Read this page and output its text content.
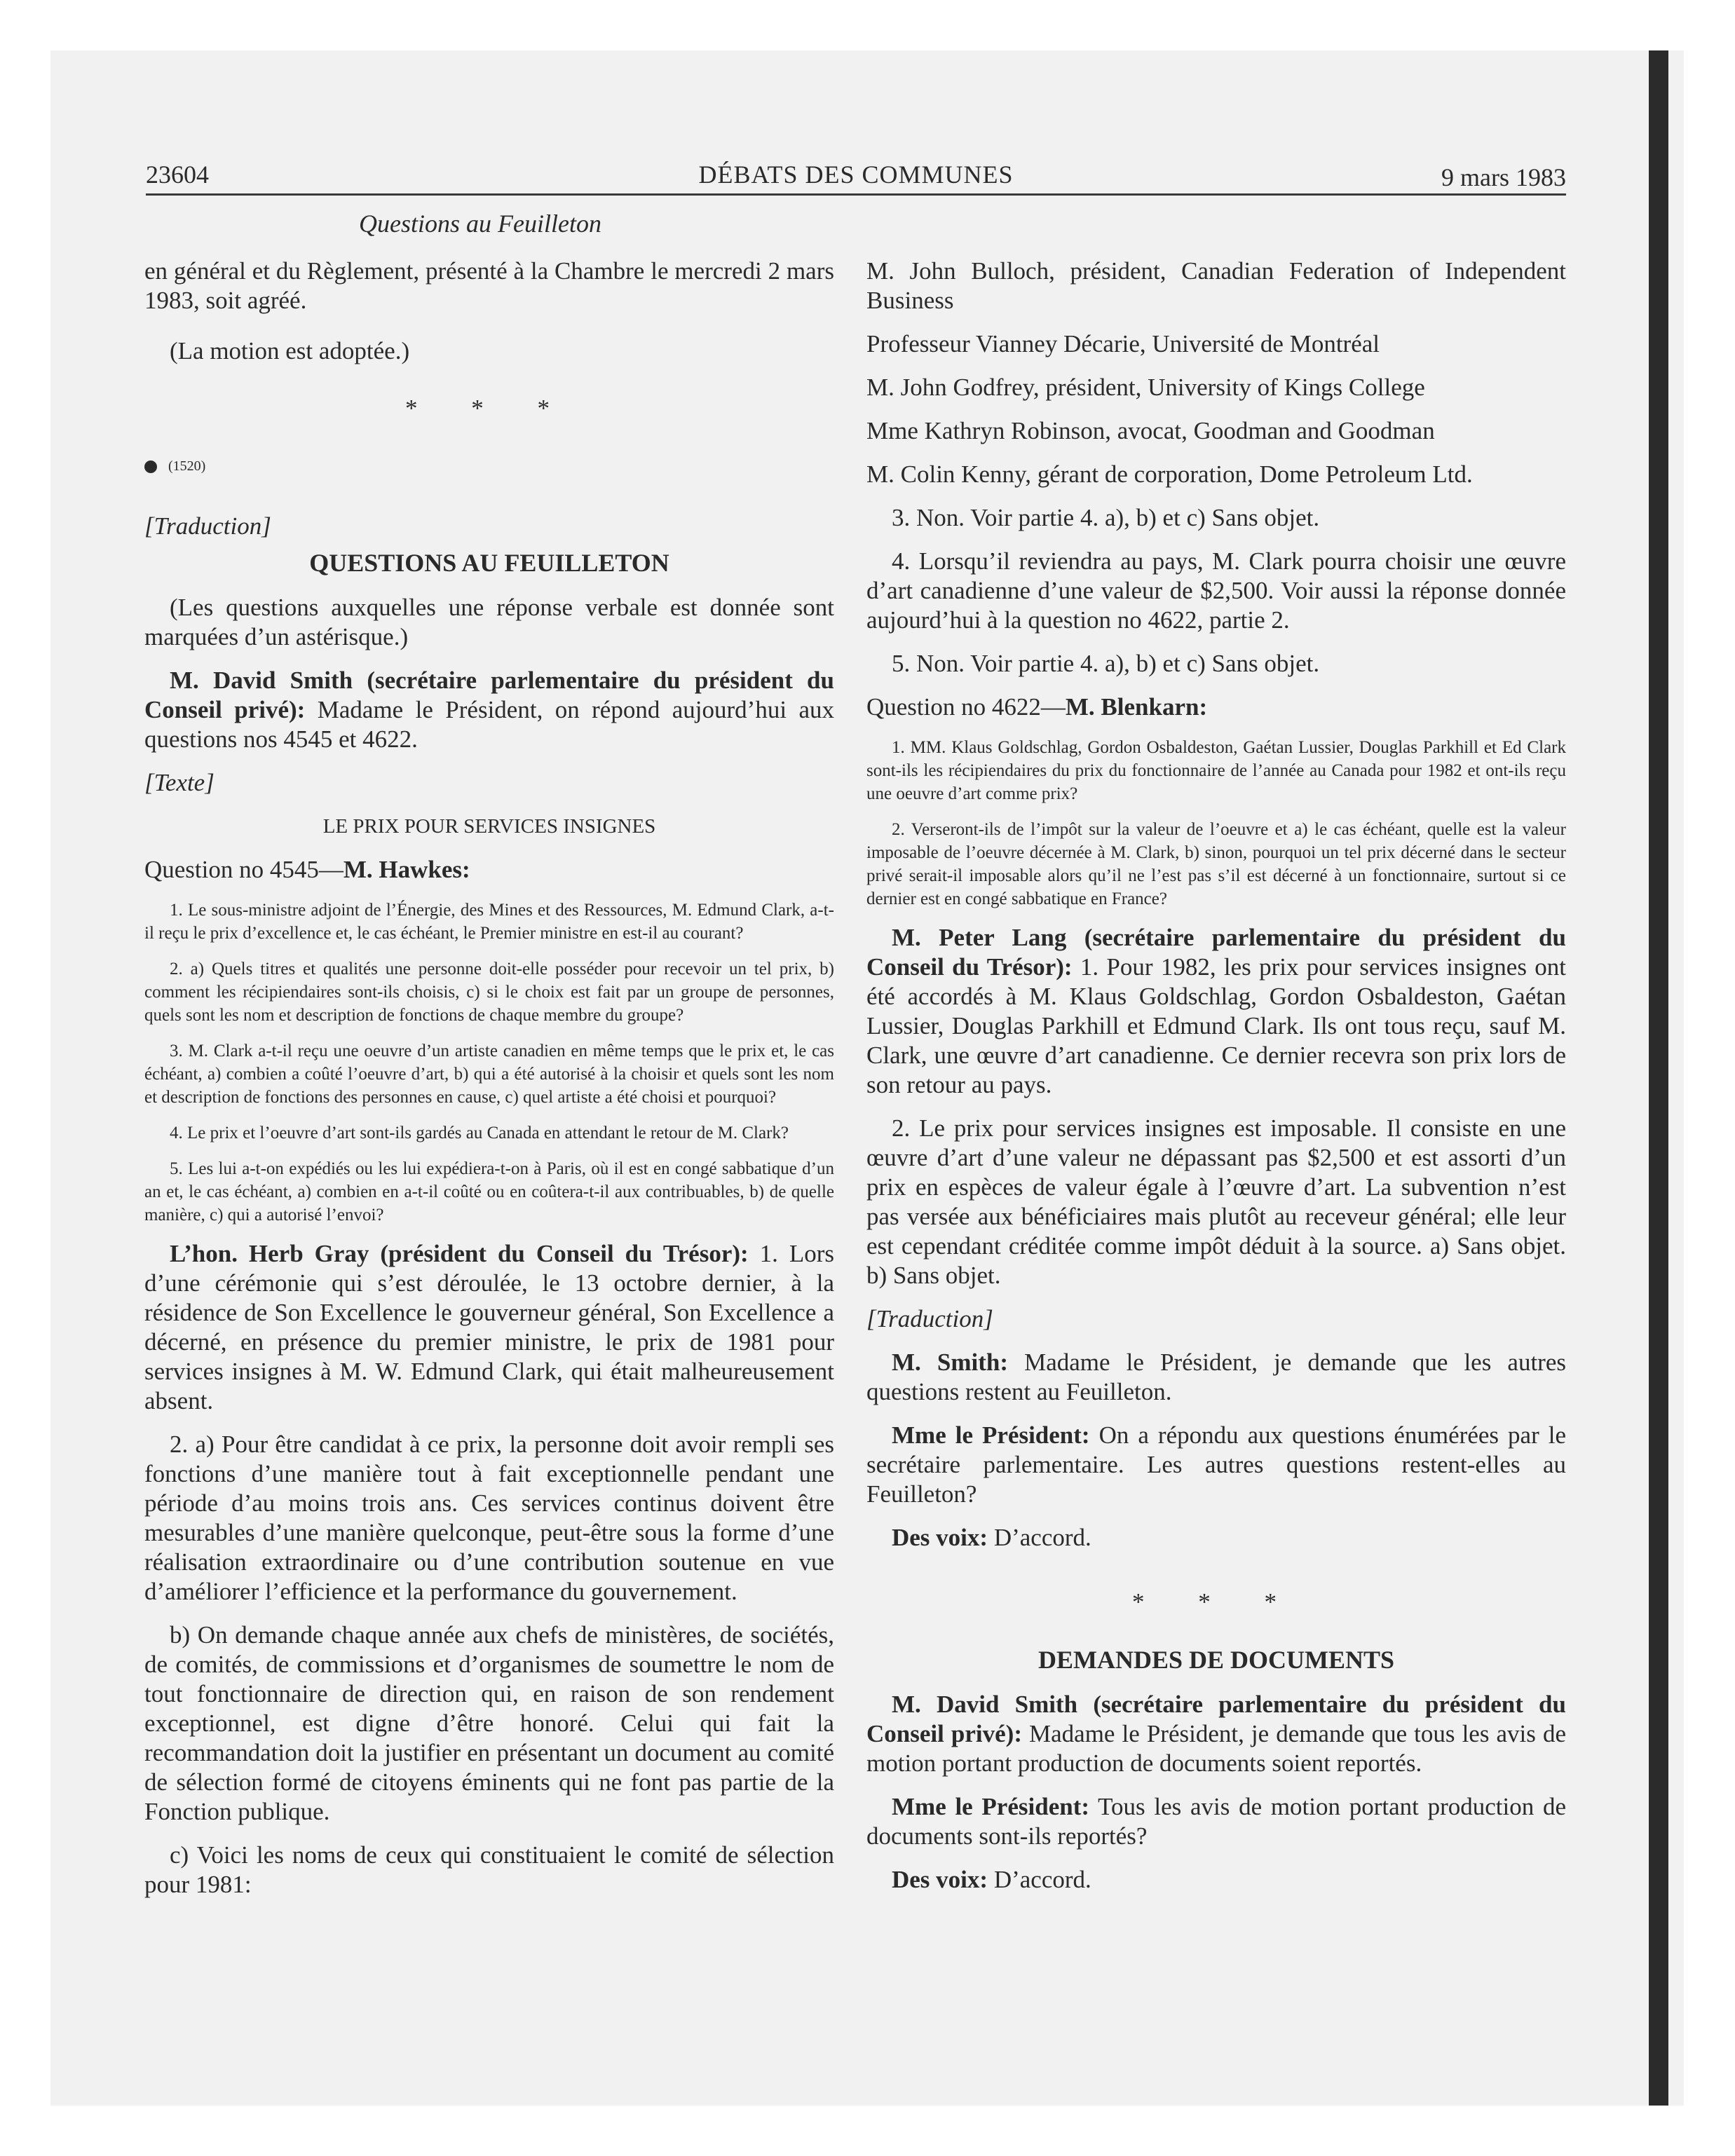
23604	DÉBATS DES COMMUNES	9 mars 1983
Questions au Feuilleton

en général et du Règlement, présenté à la Chambre le mercredi 2 mars 1983, soit agréé.

(La motion est adoptée.)

* * *

(1520)

[Traduction]

QUESTIONS AU FEUILLETON

(Les questions auxquelles une réponse verbale est donnée sont marquées d’un astérisque.)

M. David Smith (secrétaire parlementaire du président du Conseil privé): Madame le Président, on répond aujourd’hui aux questions nos 4545 et 4622.

[Texte]

LE PRIX POUR SERVICES INSIGNES

Question no 4545—M. Hawkes:

1. Le sous-ministre adjoint de l’Énergie, des Mines et des Ressources, M. Edmund Clark, a-t-il reçu le prix d’excellence et, le cas échéant, le Premier ministre en est-il au courant?

2. a) Quels titres et qualités une personne doit-elle posséder pour recevoir un tel prix, b) comment les récipiendaires sont-ils choisis, c) si le choix est fait par un groupe de personnes, quels sont les nom et description de fonctions de chaque membre du groupe?

3. M. Clark a-t-il reçu une oeuvre d’un artiste canadien en même temps que le prix et, le cas échéant, a) combien a coûté l’oeuvre d’art, b) qui a été autorisé à la choisir et quels sont les nom et description de fonctions des personnes en cause, c) quel artiste a été choisi et pourquoi?

4. Le prix et l’oeuvre d’art sont-ils gardés au Canada en attendant le retour de M. Clark?

5. Les lui a-t-on expédiés ou les lui expédiera-t-on à Paris, où il est en congé sabbatique d’un an et, le cas échéant, a) combien en a-t-il coûté ou en coûtera-t-il aux contribuables, b) de quelle manière, c) qui a autorisé l’envoi?

L’hon. Herb Gray (président du Conseil du Trésor): 1. Lors d’une cérémonie qui s’est déroulée, le 13 octobre dernier, à la résidence de Son Excellence le gouverneur général, Son Excellence a décerné, en présence du premier ministre, le prix de 1981 pour services insignes à M. W. Edmund Clark, qui était malheureusement absent.

2. a) Pour être candidat à ce prix, la personne doit avoir rempli ses fonctions d’une manière tout à fait exceptionnelle pendant une période d’au moins trois ans. Ces services continus doivent être mesurables d’une manière quelconque, peut-être sous la forme d’une réalisation extraordinaire ou d’une contribution soutenue en vue d’améliorer l’efficience et la performance du gouvernement.

b) On demande chaque année aux chefs de ministères, de sociétés, de comités, de commissions et d’organismes de soumettre le nom de tout fonctionnaire de direction qui, en raison de son rendement exceptionnel, est digne d’être honoré. Celui qui fait la recommandation doit la justifier en présentant un document au comité de sélection formé de citoyens éminents qui ne font pas partie de la Fonction publique.

c) Voici les noms de ceux qui constituaient le comité de sélection pour 1981:

M. John Bulloch, président, Canadian Federation of Independent Business

Professeur Vianney Décarie, Université de Montréal

M. John Godfrey, président, University of Kings College

Mme Kathryn Robinson, avocat, Goodman and Goodman

M. Colin Kenny, gérant de corporation, Dome Petroleum Ltd.

3. Non. Voir partie 4. a), b) et c) Sans objet.

4. Lorsqu’il reviendra au pays, M. Clark pourra choisir une œuvre d’art canadienne d’une valeur de $2,500. Voir aussi la réponse donnée aujourd’hui à la question no 4622, partie 2.

5. Non. Voir partie 4. a), b) et c) Sans objet.

Question no 4622—M. Blenkarn:

1. MM. Klaus Goldschlag, Gordon Osbaldeston, Gaétan Lussier, Douglas Parkhill et Ed Clark sont-ils les récipiendaires du prix du fonctionnaire de l’année au Canada pour 1982 et ont-ils reçu une oeuvre d’art comme prix?

2. Verseront-ils de l’impôt sur la valeur de l’oeuvre et a) le cas échéant, quelle est la valeur imposable de l’oeuvre décernée à M. Clark, b) sinon, pourquoi un tel prix décerné dans le secteur privé serait-il imposable alors qu’il ne l’est pas s’il est décerné à un fonctionnaire, surtout si ce dernier est en congé sabbatique en France?

M. Peter Lang (secrétaire parlementaire du président du Conseil du Trésor): 1. Pour 1982, les prix pour services insignes ont été accordés à M. Klaus Goldschlag, Gordon Osbaldeston, Gaétan Lussier, Douglas Parkhill et Edmund Clark. Ils ont tous reçu, sauf M. Clark, une œuvre d’art canadienne. Ce dernier recevra son prix lors de son retour au pays.

2. Le prix pour services insignes est imposable. Il consiste en une œuvre d’art d’une valeur ne dépassant pas $2,500 et est assorti d’un prix en espèces de valeur égale à l’œuvre d’art. La subvention n’est pas versée aux bénéficiaires mais plutôt au receveur général; elle leur est cependant créditée comme impôt déduit à la source. a) Sans objet. b) Sans objet.

[Traduction]

M. Smith: Madame le Président, je demande que les autres questions restent au Feuilleton.

Mme le Président: On a répondu aux questions énumérées par le secrétaire parlementaire. Les autres questions restent-elles au Feuilleton?

Des voix: D’accord.

* * *

DEMANDES DE DOCUMENTS

M. David Smith (secrétaire parlementaire du président du Conseil privé): Madame le Président, je demande que tous les avis de motion portant production de documents soient reportés.

Mme le Président: Tous les avis de motion portant production de documents sont-ils reportés?

Des voix: D’accord.
